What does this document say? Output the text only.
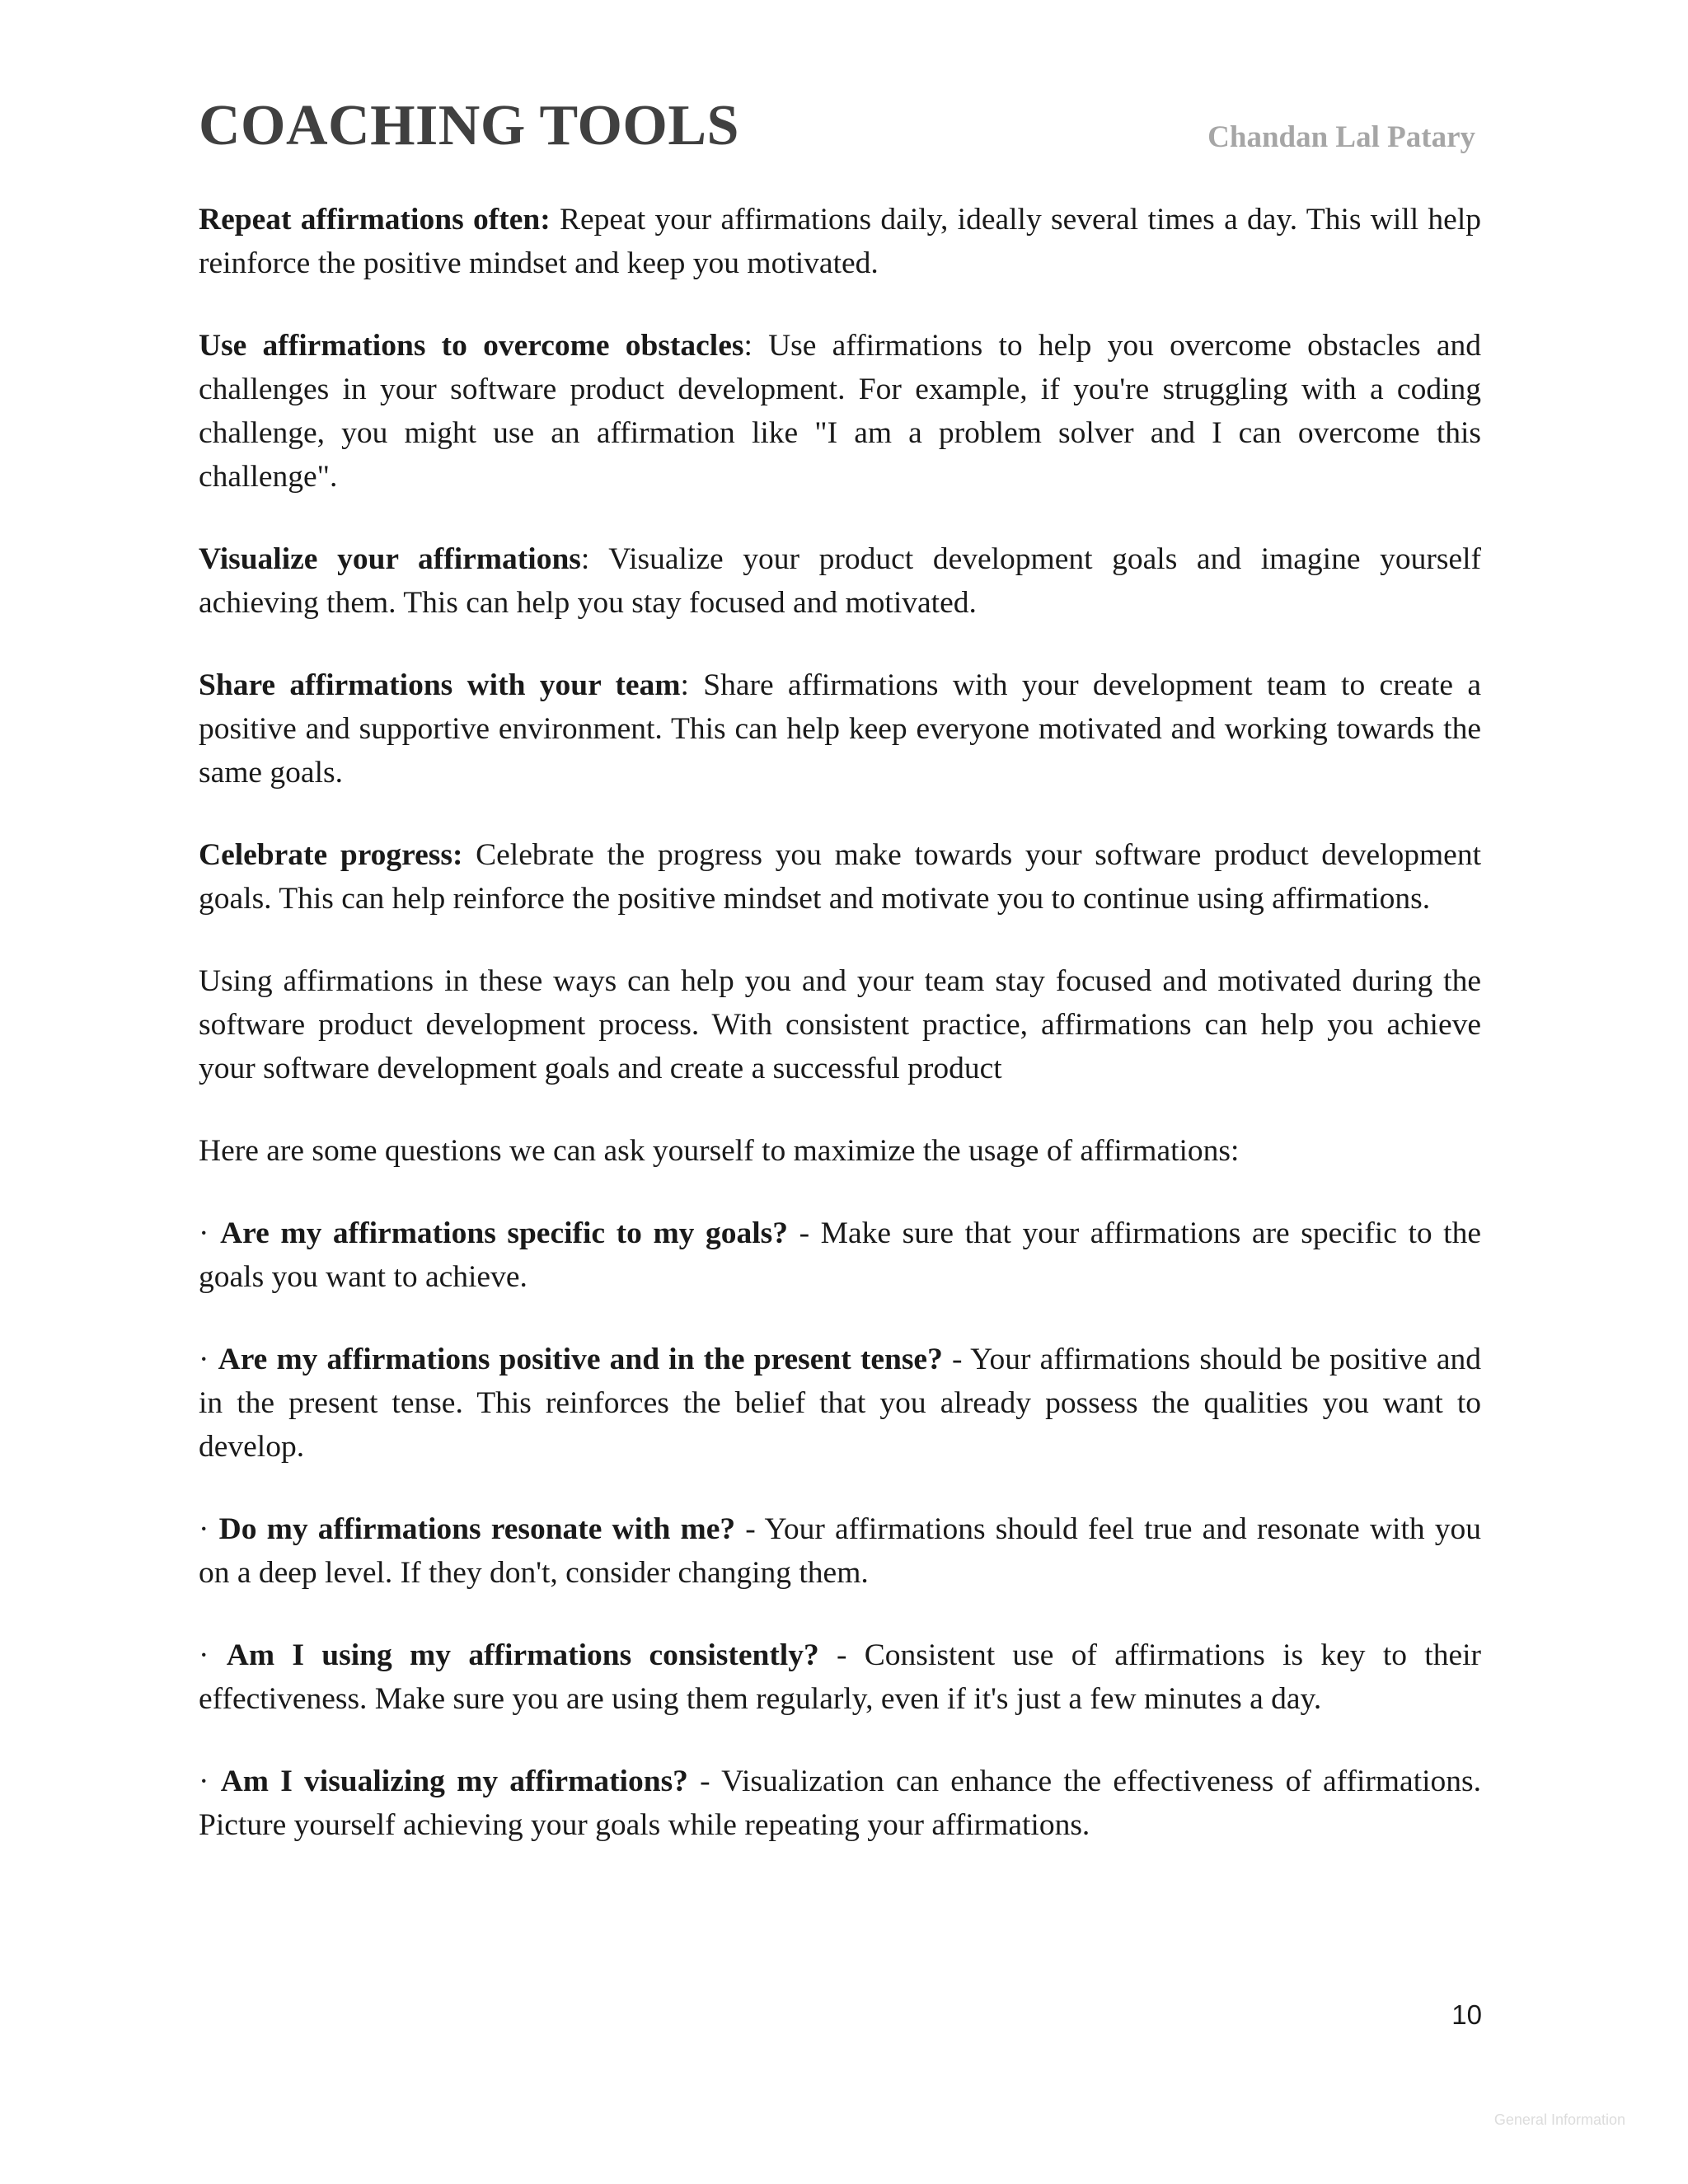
COACHING TOOLS	Chandan Lal Patary

Repeat affirmations often: Repeat your affirmations daily, ideally several times a day. This will help reinforce the positive mindset and keep you motivated.

Use affirmations to overcome obstacles: Use affirmations to help you overcome obstacles and challenges in your software product development. For example, if you're struggling with a coding challenge, you might use an affirmation like "I am a problem solver and I can overcome this challenge".

Visualize your affirmations: Visualize your product development goals and imagine yourself achieving them. This can help you stay focused and motivated.

Share affirmations with your team: Share affirmations with your development team to create a positive and supportive environment. This can help keep everyone motivated and working towards the same goals.

Celebrate progress: Celebrate the progress you make towards your software product development goals. This can help reinforce the positive mindset and motivate you to continue using affirmations.

Using affirmations in these ways can help you and your team stay focused and motivated during the software product development process. With consistent practice, affirmations can help you achieve your software development goals and create a successful product

Here are some questions we can ask yourself to maximize the usage of affirmations:

· Are my affirmations specific to my goals? - Make sure that your affirmations are specific to the goals you want to achieve.

· Are my affirmations positive and in the present tense? - Your affirmations should be positive and in the present tense. This reinforces the belief that you already possess the qualities you want to develop.

· Do my affirmations resonate with me? - Your affirmations should feel true and resonate with you on a deep level. If they don't, consider changing them.

· Am I using my affirmations consistently? - Consistent use of affirmations is key to their effectiveness. Make sure you are using them regularly, even if it's just a few minutes a day.

· Am I visualizing my affirmations? - Visualization can enhance the effectiveness of affirmations. Picture yourself achieving your goals while repeating your affirmations.

10
General Information
